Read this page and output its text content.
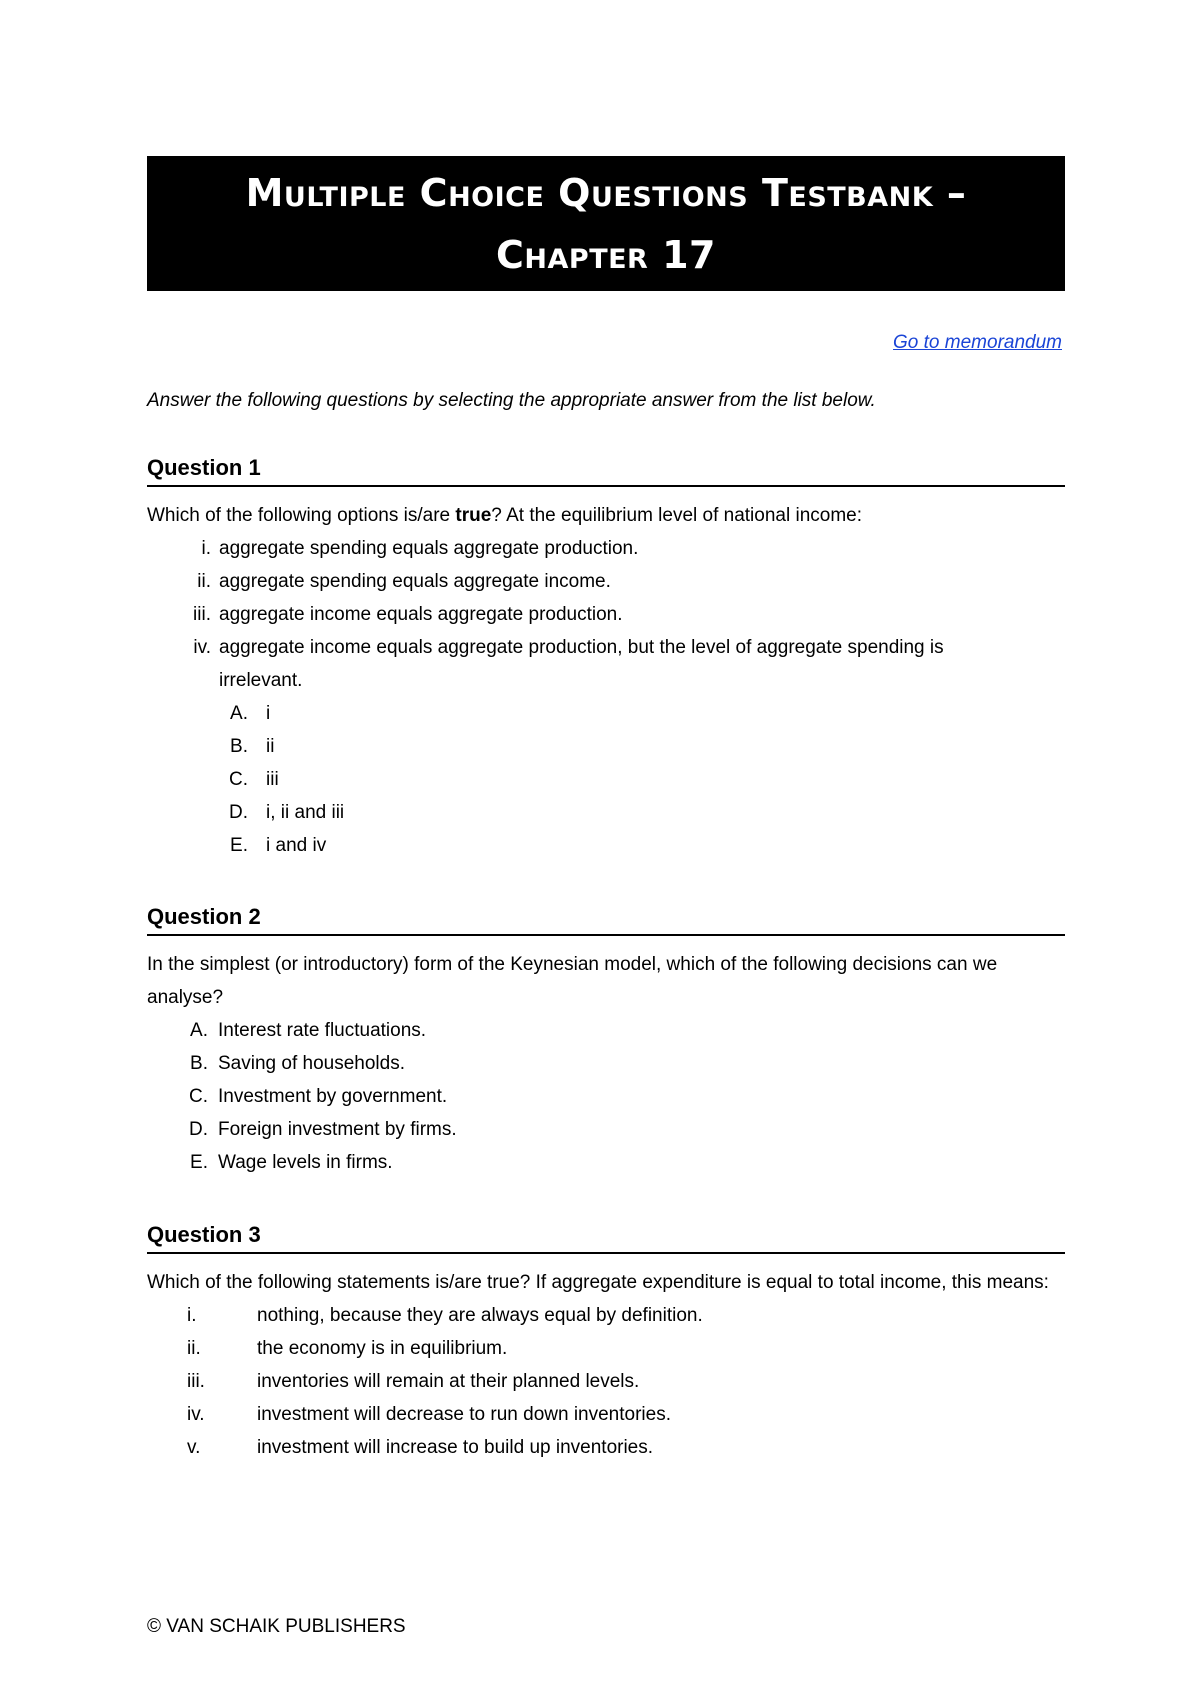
Multiple Choice Questions Testbank –
Chapter 17
Go to memorandum
Answer the following questions by selecting the appropriate answer from the list below.
Question 1
Which of the following options is/are true? At the equilibrium level of national income:
i. aggregate spending equals aggregate production.
ii. aggregate spending equals aggregate income.
iii. aggregate income equals aggregate production.
iv. aggregate income equals aggregate production, but the level of aggregate spending is irrelevant.
A. i
B. ii
C. iii
D. i, ii and iii
E. i and iv
Question 2
In the simplest (or introductory) form of the Keynesian model, which of the following decisions can we analyse?
A. Interest rate fluctuations.
B. Saving of households.
C. Investment by government.
D. Foreign investment by firms.
E. Wage levels in firms.
Question 3
Which of the following statements is/are true? If aggregate expenditure is equal to total income, this means:
i.	nothing, because they are always equal by definition.
ii.	the economy is in equilibrium.
iii.	inventories will remain at their planned levels.
iv.	investment will decrease to run down inventories.
v.	investment will increase to build up inventories.
© VAN SCHAIK PUBLISHERS
